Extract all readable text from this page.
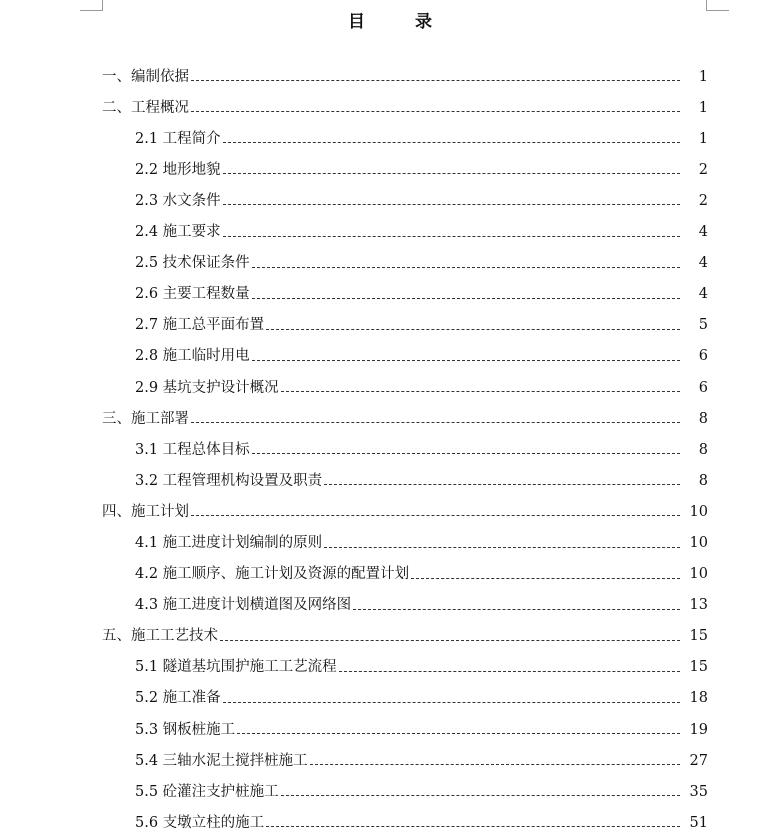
目 录
一、编制依据	1
二、工程概况	1
2.1 工程简介	1
2.2 地形地貌	2
2.3 水文条件	2
2.4 施工要求	4
2.5 技术保证条件	4
2.6 主要工程数量	4
2.7 施工总平面布置	5
2.8 施工临时用电	6
2.9 基坑支护设计概况	6
三、施工部署	8
3.1 工程总体目标	8
3.2 工程管理机构设置及职责	8
四、施工计划	10
4.1 施工进度计划编制的原则	10
4.2 施工顺序、施工计划及资源的配置计划	10
4.3 施工进度计划横道图及网络图	13
五、施工工艺技术	15
5.1 隧道基坑围护施工工艺流程	15
5.2 施工准备	18
5.3 钢板桩施工	19
5.4 三轴水泥土搅拌桩施工	27
5.5 砼灌注支护桩施工	35
5.6 支墩立柱的施工	51
